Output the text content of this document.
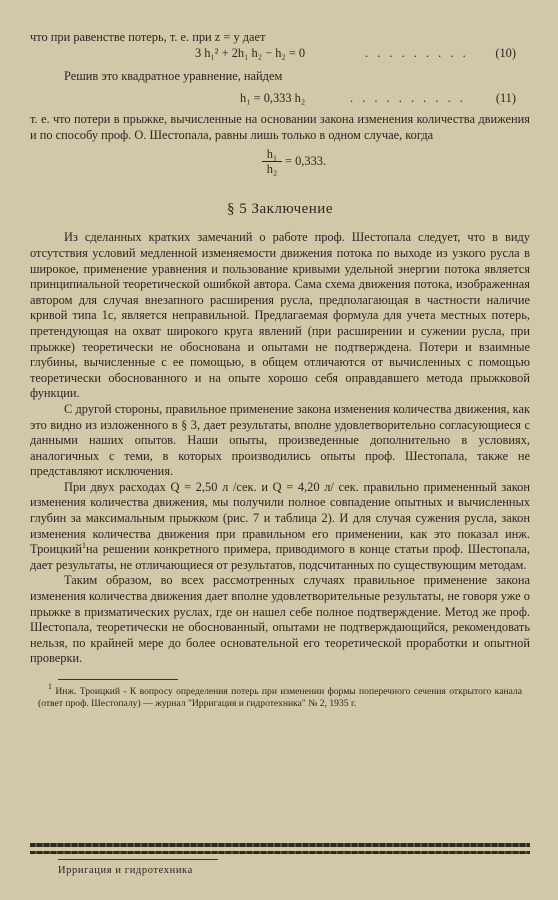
что при равенстве потерь, т. е. при z = y дает

3 h₁² + 2h₁ h₂ − h₂ = 0	. . . . . . . . . (10)

Решив это квадратное уравнение, найдем

h₁ = 0,333 h₂	. . . . . . . . . . (11)

т. е. что потери в прыжке, вычисленные на основании закона изменения количества движения и по способу проф. О. Шестопала, равны лишь только в одном случае, когда

h₁
h₂
= 0,333.
§ 5 Заключение

Из сделанных кратких замечаний о работе проф. Шестопала следует, что в виду отсутствия условий медленной изменяемости движения потока по выходе из узкого русла в широкое, применение уравнения и пользование кривыми удельной энергии потока является принципиальной теоретической ошибкой автора. Сама схема движения потока, изображенная автором для случая внезапного расширения русла, предполагающая в частности наличие кривой типа 1c, является неправильной. Предлагаемая формула для учета местных потерь, претендующая на охват широкого круга явлений (при расширении и сужении русла, при прыжке) теоретически не обоснована и опытами не подтверждена. Потери и взаимные глубины, вычисленные с ее помощью, в общем отличаются от вычисленных с помощью теоретически обоснованного и на опыте хорошо себя оправдавшего метода прыжковой функции.

С другой стороны, правильное применение закона изменения количества движения, как это видно из изложенного в § 3, дает результаты, вполне удовлетворительно согласующиеся с данными наших опытов. Наши опыты, произведенные дополнительно в условиях, аналогичных с теми, в которых производились опыты проф. Шестопала, также не представляют исключения.

При двух расходах Q = 2,50 л /сек. и Q = 4,20 л/ сек. правильно примененный закон изменения количества движения, мы получили полное совпадение опытных и вычисленных глубин за максимальным прыжком (рис. 7 и таблица 2). И для случая сужения русла, закон изменения количества движения при правильном его применении, как это показал инж. Троицкий$^1$на решении конкретного примера, приводимого в конце статьи проф. Шестопала, дает результаты, не отличающиеся от результатов, подсчитанных по существующим методам.

Таким образом, во всех рассмотренных случаях правильное применение закона изменения количества движения дает вполне удовлетворительные результаты, не говоря уже о прыжке в призматических руслах, где он нашел себе полное подтверждение. Метод же проф. Шестопала, теоретически не обоснованный, опытами не подтверждающийся, рекомендовать нельзя, по крайней мере до более основательной его теоретической проработки и опытной проверки.

$^1$ Инж. Троицкий - К вопросу определения потерь при изменении формы поперечного сечения открытого канала (ответ проф. Шестопалу) — журнал "Ирригация и гидротехника" № 2, 1935 г.

Ирригация и гидротехника
